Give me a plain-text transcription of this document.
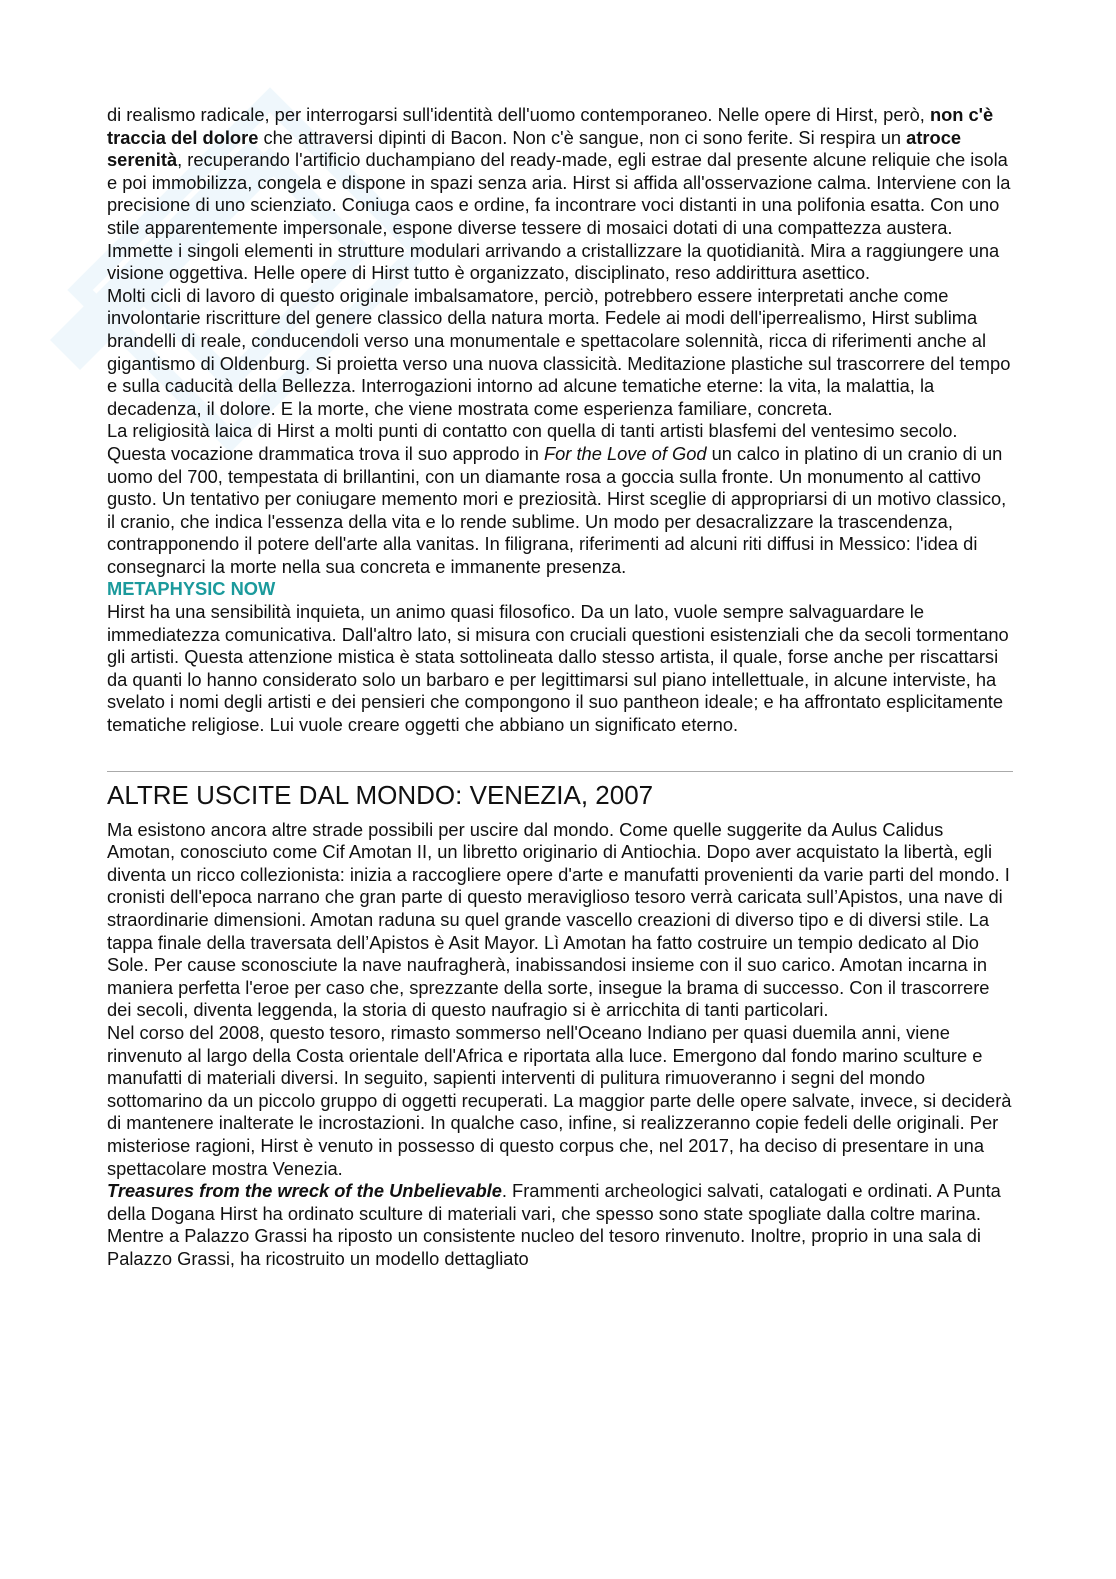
di realismo radicale, per interrogarsi sull'identità dell'uomo contemporaneo. Nelle opere di Hirst, però, non c'è traccia del dolore che attraversi dipinti di Bacon. Non c'è sangue, non ci sono ferite. Si respira un atroce serenità, recuperando l'artificio duchampiano del ready-made, egli estrae dal presente alcune reliquie che isola e poi immobilizza, congela e dispone in spazi senza aria. Hirst si affida all'osservazione calma. Interviene con la precisione di uno scienziato. Coniuga caos e ordine, fa incontrare voci distanti in una polifonia esatta. Con uno stile apparentemente impersonale, espone diverse tessere di mosaici dotati di una compattezza austera. Immette i singoli elementi in strutture modulari arrivando a cristallizzare la quotidianità. Mira a raggiungere una visione oggettiva. Helle opere di Hirst tutto è organizzato, disciplinato, reso addirittura asettico.

Molti cicli di lavoro di questo originale imbalsamatore, perciò, potrebbero essere interpretati anche come involontarie riscritture del genere classico della natura morta. Fedele ai modi dell'iperrealismo, Hirst sublima brandelli di reale, conducendoli verso una monumentale e spettacolare solennità, ricca di riferimenti anche al gigantismo di Oldenburg. Si proietta verso una nuova classicità. Meditazione plastiche sul trascorrere del tempo e sulla caducità della Bellezza. Interrogazioni intorno ad alcune tematiche eterne: la vita, la malattia, la decadenza, il dolore. E la morte, che viene mostrata come esperienza familiare, concreta.

La religiosità laica di Hirst a molti punti di contatto con quella di tanti artisti blasfemi del ventesimo secolo. Questa vocazione drammatica trova il suo approdo in For the Love of God un calco in platino di un cranio di un uomo del 700, tempestata di brillantini, con un diamante rosa a goccia sulla fronte. Un monumento al cattivo gusto. Un tentativo per coniugare memento mori e preziosità. Hirst sceglie di appropriarsi di un motivo classico, il cranio, che indica l'essenza della vita e lo rende sublime. Un modo per desacralizzare la trascendenza, contrapponendo il potere dell'arte alla vanitas. In filigrana, riferimenti ad alcuni riti diffusi in Messico: l'idea di consegnarci la morte nella sua concreta e immanente presenza.

METAPHYSIC NOW

Hirst ha una sensibilità inquieta, un animo quasi filosofico. Da un lato, vuole sempre salvaguardare le immediatezza comunicativa. Dall'altro lato, si misura con cruciali questioni esistenziali che da secoli tormentano gli artisti. Questa attenzione mistica è stata sottolineata dallo stesso artista, il quale, forse anche per riscattarsi da quanti lo hanno considerato solo un barbaro e per legittimarsi sul piano intellettuale, in alcune interviste, ha svelato i nomi degli artisti e dei pensieri che compongono il suo pantheon ideale; e ha affrontato esplicitamente tematiche religiose. Lui vuole creare oggetti che abbiano un significato eterno.

ALTRE USCITE DAL MONDO: VENEZIA, 2007

Ma esistono ancora altre strade possibili per uscire dal mondo. Come quelle suggerite da Aulus Calidus Amotan, conosciuto come Cif Amotan II, un libretto originario di Antiochia. Dopo aver acquistato la libertà, egli diventa un ricco collezionista: inizia a raccogliere opere d'arte e manufatti provenienti da varie parti del mondo. I cronisti dell'epoca narrano che gran parte di questo meraviglioso tesoro verrà caricata sull’Apistos, una nave di straordinarie dimensioni. Amotan raduna su quel grande vascello creazioni di diverso tipo e di diversi stile. La tappa finale della traversata dell’Apistos è Asit Mayor. Lì Amotan ha fatto costruire un tempio dedicato al Dio Sole. Per cause sconosciute la nave naufragherà, inabissandosi insieme con il suo carico. Amotan incarna in maniera perfetta l'eroe per caso che, sprezzante della sorte, insegue la brama di successo. Con il trascorrere dei secoli, diventa leggenda, la storia di questo naufragio si è arricchita di tanti particolari.

Nel corso del 2008, questo tesoro, rimasto sommerso nell'Oceano Indiano per quasi duemila anni, viene rinvenuto al largo della Costa orientale dell'Africa e riportata alla luce. Emergono dal fondo marino sculture e manufatti di materiali diversi. In seguito, sapienti interventi di pulitura rimuoveranno i segni del mondo sottomarino da un piccolo gruppo di oggetti recuperati. La maggior parte delle opere salvate, invece, si deciderà di mantenere inalterate le incrostazioni. In qualche caso, infine, si realizzeranno copie fedeli delle originali. Per misteriose ragioni, Hirst è venuto in possesso di questo corpus che, nel 2017, ha deciso di presentare in una spettacolare mostra Venezia.

Treasures from the wreck of the Unbelievable. Frammenti archeologici salvati, catalogati e ordinati. A Punta della Dogana Hirst ha ordinato sculture di materiali vari, che spesso sono state spogliate dalla coltre marina. Mentre a Palazzo Grassi ha riposto un consistente nucleo del tesoro rinvenuto. Inoltre, proprio in una sala di Palazzo Grassi, ha ricostruito un modello dettagliato
